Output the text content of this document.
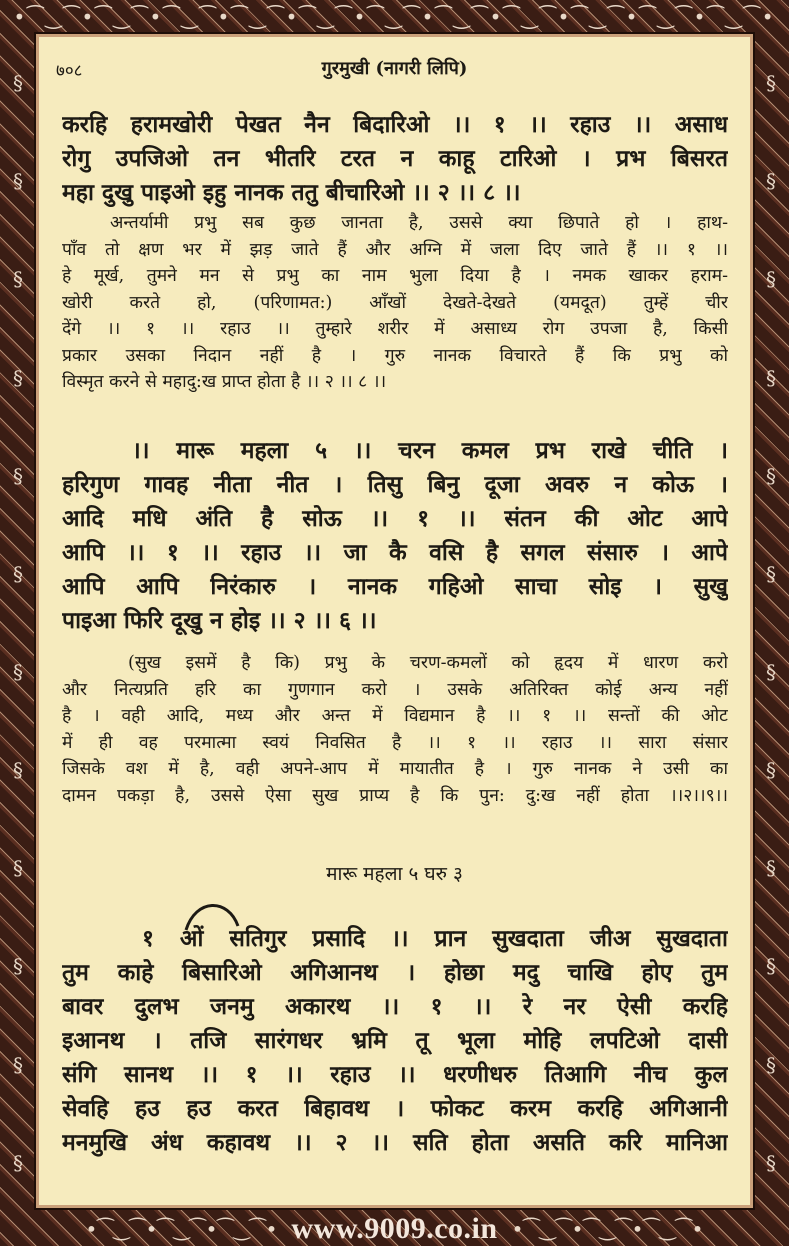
•⁀‿⁀•⁀‿⁀•⁀‿⁀•⁀‿⁀•⁀‿⁀•⁀‿⁀•⁀‿⁀•⁀‿⁀•⁀‿⁀•⁀‿⁀•⁀‿⁀•
§
§
§
§
§
§
§
§
§
§
§
§
§
§
§
§
§
§
§
§
§
§
§
§
७०८	गुरमुखी (नागरी लिपि)

करहि हरामखोरी पेखत नैन बिदारिओ ।। १ ।। रहाउ ।। असाध

रोगु उपजिओ तन भीतरि टरत न काहू टारिओ । प्रभ बिसरत

महा दुखु पाइओ इहु नानक ततु बीचारिओ ।। २ ।। ८ ।।

अन्तर्यामी प्रभु सब कुछ जानता है, उससे क्या छिपाते हो । हाथ-

पाँव तो क्षण भर में झड़ जाते हैं और अग्नि में जला दिए जाते हैं ।। १ ।।

हे मूर्ख, तुमने मन से प्रभु का नाम भुला दिया है । नमक खाकर हराम-

खोरी करते हो, (परिणामत:) आँखों देखते-देखते (यमदूत) तुम्हें चीर

देंगे ।। १ ।। रहाउ ।। तुम्हारे शरीर में असाध्य रोग उपजा है, किसी

प्रकार उसका निदान नहीं है । गुरु नानक विचारते हैं कि प्रभु को

विस्मृत करने से महादु:ख प्राप्त होता है ।। २ ।। ८ ।।

।। मारू महला ५ ।। चरन कमल प्रभ राखे चीति ।

हरिगुण गावह नीता नीत । तिसु बिनु दूजा अवरु न कोऊ ।

आदि मधि अंति है सोऊ ।। १ ।। संतन की ओट आपे

आपि ।। १ ।। रहाउ ।। जा कै वसि है सगल संसारु । आपे

आपि आपि निरंकारु । नानक गहिओ साचा सोइ । सुखु

पाइआ फिरि दूखु न होइ ।। २ ।। ६ ।।

(सुख इसमें है कि) प्रभु के चरण-कमलों को हृदय में धारण करो

और नित्यप्रति हरि का गुणगान करो । उसके अतिरिक्त कोई अन्य नहीं

है । वही आदि, मध्य और अन्त में विद्यमान है ।। १ ।। सन्तों की ओट

में ही वह परमात्मा स्वयं निवसित है ।। १ ।। रहाउ ।। सारा संसार

जिसके वश में है, वही अपने-आप में मायातीत है । गुरु नानक ने उसी का

दामन पकड़ा है, उससे ऐसा सुख प्राप्य है कि पुन: दु:ख नहीं होता ।।२।।९।।

मारू महला ५ घरु ३

१ ओं सतिगुर प्रसादि ।। प्रान सुखदाता जीअ सुखदाता

तुम काहे बिसारिओ अगिआनथ । होछा मदु चाखि होए तुम

बावर दुलभ जनमु अकारथ ।। १ ।। रे नर ऐसी करहि

इआनथ । तजि सारंगधर भ्रमि तू भूला मोहि लपटिओ दासी

संगि सानथ ।। १ ।। रहाउ ।। धरणीधरु तिआगि नीच कुल

सेवहि हउ हउ करत बिहावथ । फोकट करम करहि अगिआनी

मनमुखि अंध कहावथ ।। २ ।। सति होता असति करि मानिआ

•⁀‿⁀•⁀‿⁀•⁀‿⁀• www.9009.co.in •⁀‿⁀•⁀‿⁀•⁀‿⁀•
